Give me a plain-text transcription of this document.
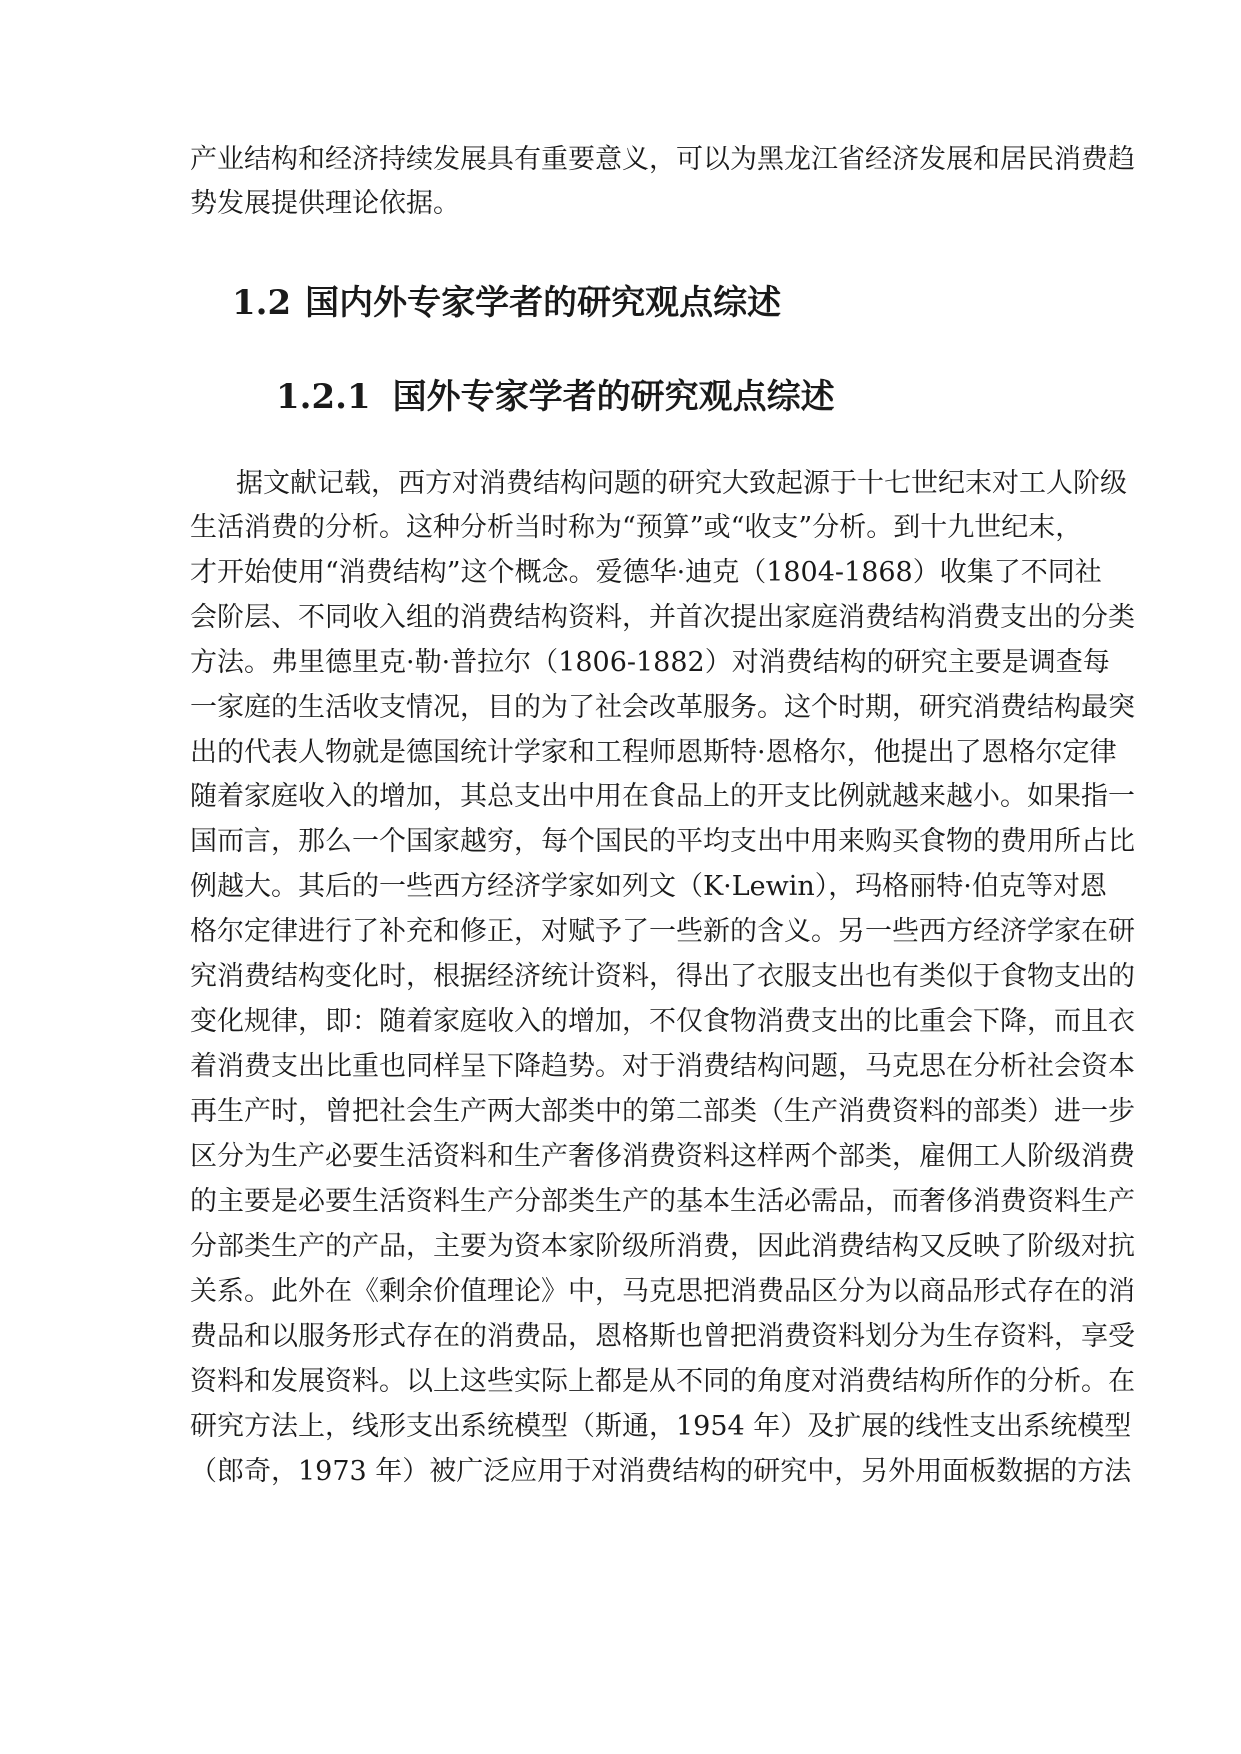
产业结构和经济持续发展具有重要意义，可以为黑龙江省经济发展和居民消费趋
势发展提供理论依据。
1.2 国内外专家学者的研究观点综述
1.2.1 国外专家学者的研究观点综述
据文献记载，西方对消费结构问题的研究大致起源于十七世纪末对工人阶级
生活消费的分析。这种分析当时称为“预算”或“收支”分析。到十九世纪末，
才开始使用“消费结构”这个概念。爱德华·迪克（1804-1868）收集了不同社
会阶层、不同收入组的消费结构资料，并首次提出家庭消费结构消费支出的分类
方法。弗里德里克·勒·普拉尔（1806-1882）对消费结构的研究主要是调查每
一家庭的生活收支情况，目的为了社会改革服务。这个时期，研究消费结构最突
出的代表人物就是德国统计学家和工程师恩斯特·恩格尔，他提出了恩格尔定律
随着家庭收入的增加，其总支出中用在食品上的开支比例就越来越小。如果指一
国而言，那么一个国家越穷，每个国民的平均支出中用来购买食物的费用所占比
例越大。其后的一些西方经济学家如列文（K·Lewin），玛格丽特·伯克等对恩
格尔定律进行了补充和修正，对赋予了一些新的含义。另一些西方经济学家在研
究消费结构变化时，根据经济统计资料，得出了衣服支出也有类似于食物支出的
变化规律，即：随着家庭收入的增加，不仅食物消费支出的比重会下降，而且衣
着消费支出比重也同样呈下降趋势。对于消费结构问题，马克思在分析社会资本
再生产时，曾把社会生产两大部类中的第二部类（生产消费资料的部类）进一步
区分为生产必要生活资料和生产奢侈消费资料这样两个部类，雇佣工人阶级消费
的主要是必要生活资料生产分部类生产的基本生活必需品，而奢侈消费资料生产
分部类生产的产品，主要为资本家阶级所消费，因此消费结构又反映了阶级对抗
关系。此外在《剩余价值理论》中，马克思把消费品区分为以商品形式存在的消
费品和以服务形式存在的消费品，恩格斯也曾把消费资料划分为生存资料，享受
资料和发展资料。以上这些实际上都是从不同的角度对消费结构所作的分析。在
研究方法上，线形支出系统模型（斯通，1954 年）及扩展的线性支出系统模型
（郎奇，1973 年）被广泛应用于对消费结构的研究中，另外用面板数据的方法
